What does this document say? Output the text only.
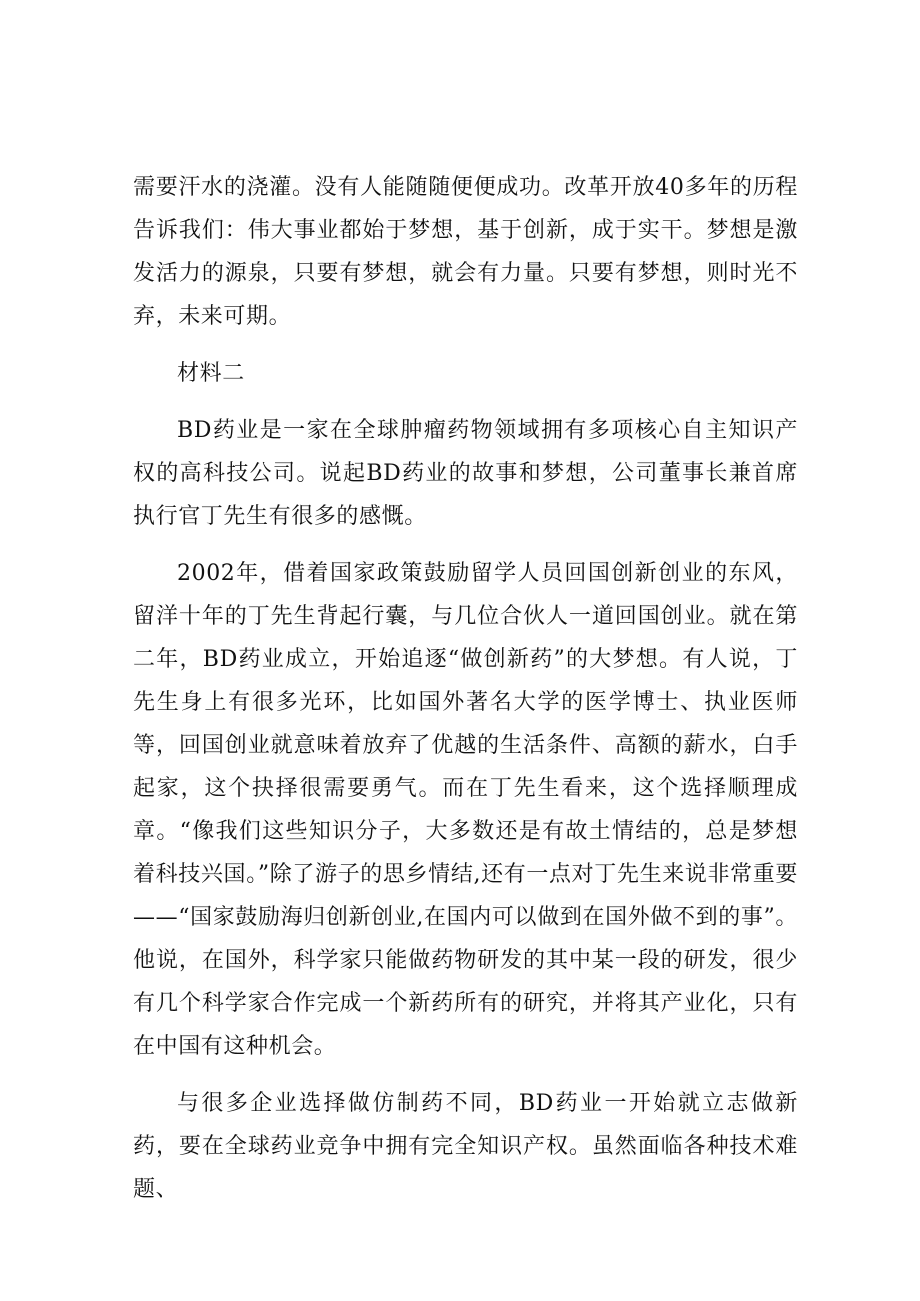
需要汗水的浇灌。没有人能随随便便成功。改革开放40多年的历程告诉我们：伟大事业都始于梦想，基于创新，成于实干。梦想是激发活力的源泉，只要有梦想，就会有力量。只要有梦想，则时光不弃，未来可期。

材料二

BD药业是一家在全球肿瘤药物领域拥有多项核心自主知识产权的高科技公司。说起BD药业的故事和梦想，公司董事长兼首席执行官丁先生有很多的感慨。

2002年，借着国家政策鼓励留学人员回国创新创业的东风，留洋十年的丁先生背起行囊，与几位合伙人一道回国创业。就在第二年，BD药业成立，开始追逐“做创新药”的大梦想。有人说，丁先生身上有很多光环，比如国外著名大学的医学博士、执业医师等，回国创业就意味着放弃了优越的生活条件、高额的薪水，白手起家，这个抉择很需要勇气。而在丁先生看来，这个选择顺理成章。“像我们这些知识分子，大多数还是有故土情结的，总是梦想着科技兴国。”除了游子的思乡情结,还有一点对丁先生来说非常重要——“国家鼓励海归创新创业,在国内可以做到在国外做不到的事”。他说，在国外，科学家只能做药物研发的其中某一段的研发，很少有几个科学家合作完成一个新药所有的研究，并将其产业化，只有在中国有这种机会。

与很多企业选择做仿制药不同，BD药业一开始就立志做新药，要在全球药业竞争中拥有完全知识产权。虽然面临各种技术难题、
